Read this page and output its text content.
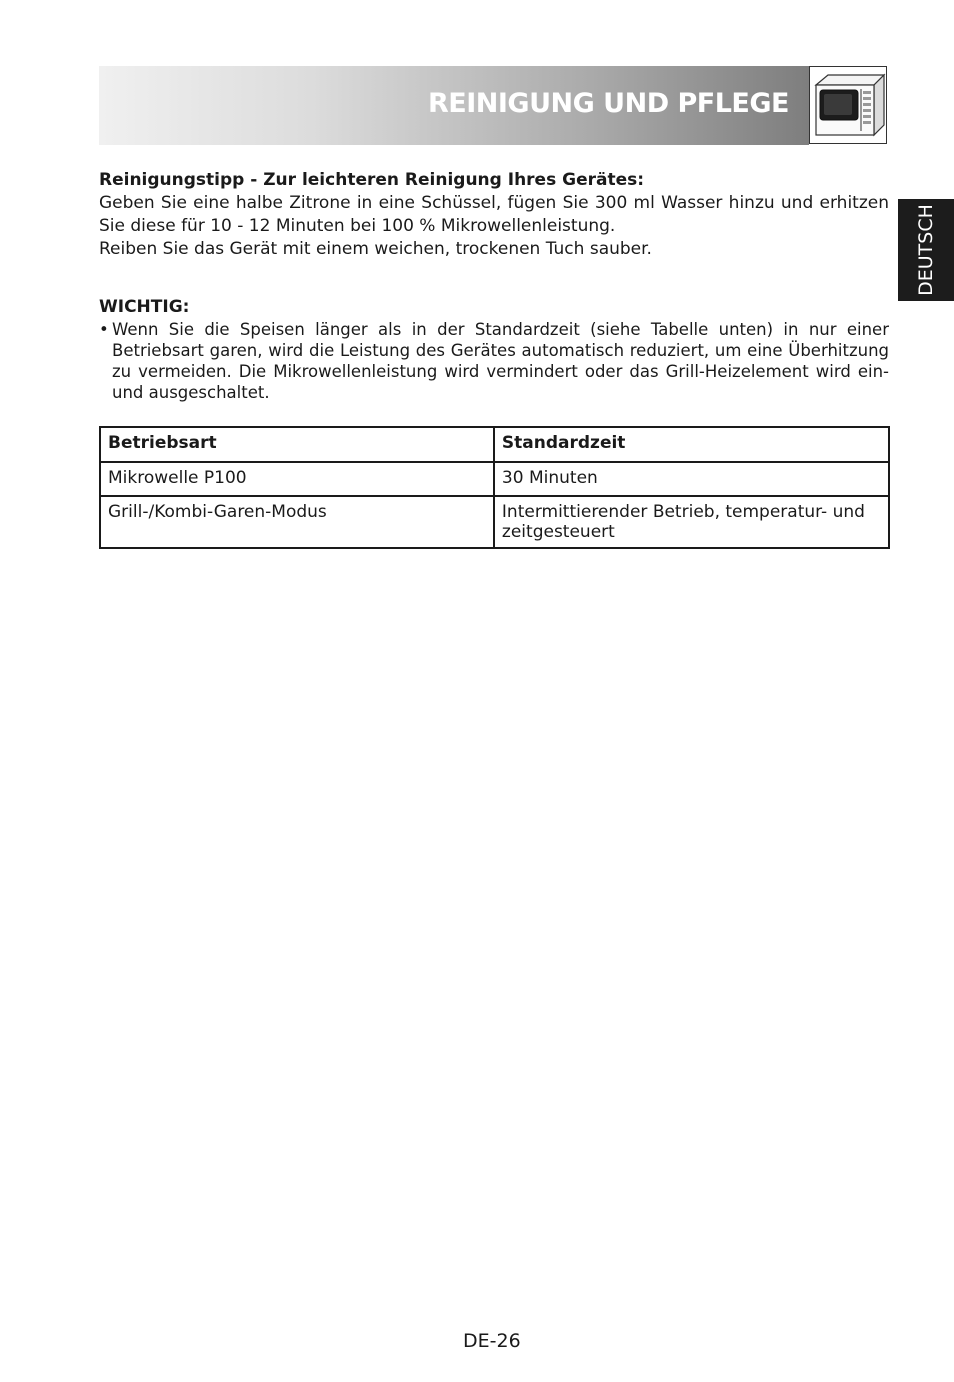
REINIGUNG UND PFLEGE
DEUTSCH

Reinigungstipp - Zur leichteren Reinigung Ihres Gerätes:

Geben Sie eine halbe Zitrone in eine Schüssel, fügen Sie 300 ml Wasser hinzu und erhitzen Sie diese für 10 - 12 Minuten bei 100 % Mikrowellenleistung.

Reiben Sie das Gerät mit einem weichen, trockenen Tuch sauber.

WICHTIG:

• Wenn Sie die Speisen länger als in der Standardzeit (siehe Tabelle unten) in nur einer Betriebsart garen, wird die Leistung des Gerätes automatisch reduziert, um eine Überhitzung zu vermeiden. Die Mikrowellenleistung wird vermindert oder das Grill-Heizelement wird ein- und ausgeschaltet.
Betriebsart	Standardzeit
Mikrowelle P100	30 Minuten
Grill-/Kombi-Garen-Modus	Intermittierender Betrieb, temperatur- und zeitgesteuert
DE-26
